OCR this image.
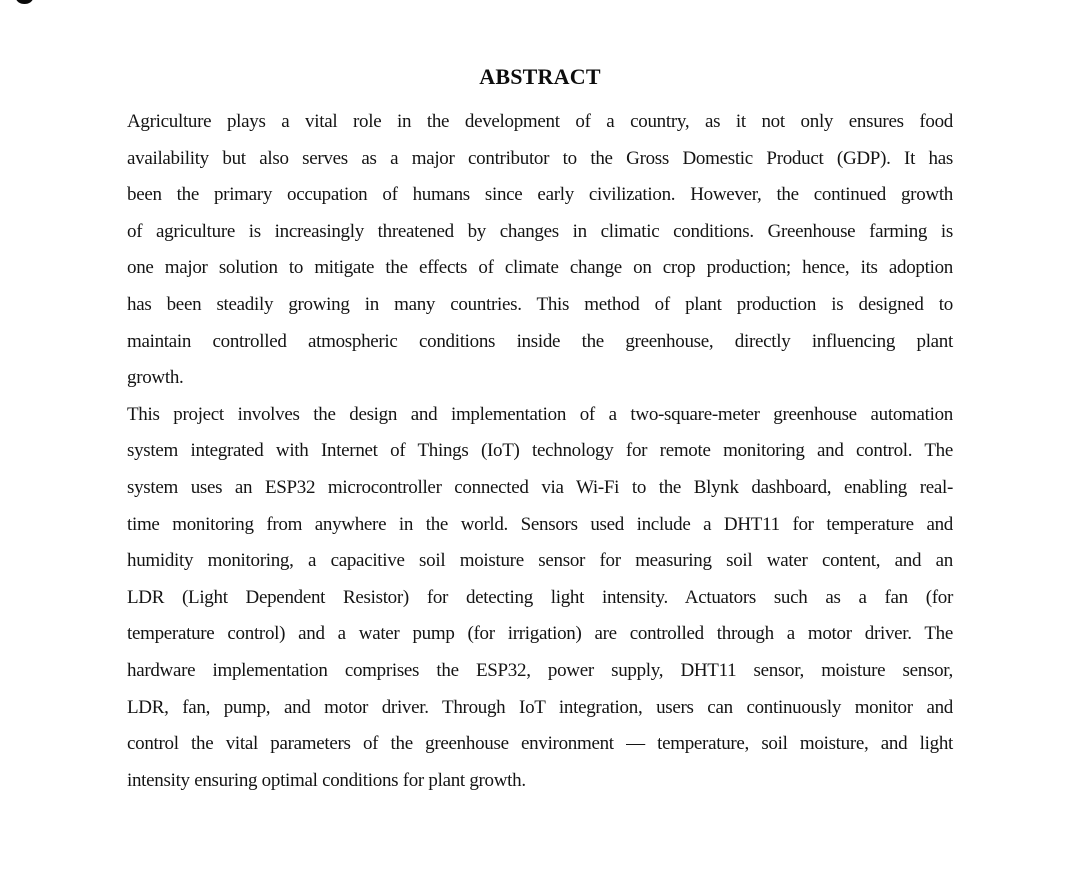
ABSTRACT
Agriculture plays a vital role in the development of a country, as it not only ensures food
availability but also serves as a major contributor to the Gross Domestic Product (GDP). It has
been the primary occupation of humans since early civilization. However, the continued growth
of agriculture is increasingly threatened by changes in climatic conditions. Greenhouse farming is
one major solution to mitigate the effects of climate change on crop production; hence, its adoption
has been steadily growing in many countries. This method of plant production is designed to
maintain controlled atmospheric conditions inside the greenhouse, directly influencing plant
growth.
This project involves the design and implementation of a two-square-meter greenhouse automation
system integrated with Internet of Things (IoT) technology for remote monitoring and control. The
system uses an ESP32 microcontroller connected via Wi-Fi to the Blynk dashboard, enabling real-
time monitoring from anywhere in the world. Sensors used include a DHT11 for temperature and
humidity monitoring, a capacitive soil moisture sensor for measuring soil water content, and an
LDR (Light Dependent Resistor) for detecting light intensity. Actuators such as a fan (for
temperature control) and a water pump (for irrigation) are controlled through a motor driver. The
hardware implementation comprises the ESP32, power supply, DHT11 sensor, moisture sensor,
LDR, fan, pump, and motor driver. Through IoT integration, users can continuously monitor and
control the vital parameters of the greenhouse environment — temperature, soil moisture, and light
intensity ensuring optimal conditions for plant growth.
